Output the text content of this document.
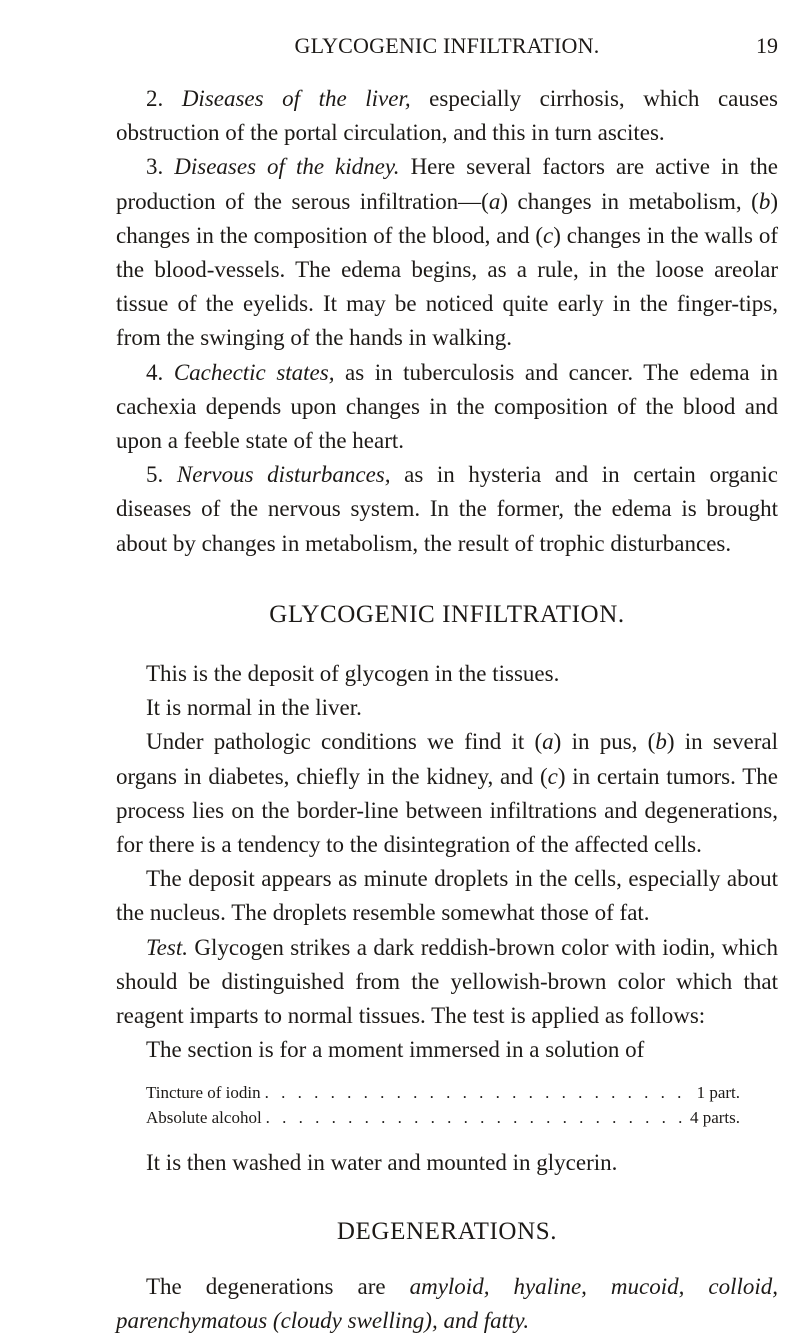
GLYCOGENIC INFILTRATION.	19

2. Diseases of the liver, especially cirrhosis, which causes obstruction of the portal circulation, and this in turn ascites.

3. Diseases of the kidney. Here several factors are active in the production of the serous infiltration—(a) changes in metabolism, (b) changes in the composition of the blood, and (c) changes in the walls of the blood-vessels. The edema begins, as a rule, in the loose areolar tissue of the eyelids. It may be noticed quite early in the finger-tips, from the swinging of the hands in walking.

4. Cachectic states, as in tuberculosis and cancer. The edema in cachexia depends upon changes in the composition of the blood and upon a feeble state of the heart.

5. Nervous disturbances, as in hysteria and in certain organic diseases of the nervous system. In the former, the edema is brought about by changes in metabolism, the result of trophic disturbances.

GLYCOGENIC INFILTRATION.

This is the deposit of glycogen in the tissues.

It is normal in the liver.

Under pathologic conditions we find it (a) in pus, (b) in several organs in diabetes, chiefly in the kidney, and (c) in certain tumors. The process lies on the border-line between infiltrations and degenerations, for there is a tendency to the disintegration of the affected cells.

The deposit appears as minute droplets in the cells, especially about the nucleus. The droplets resemble somewhat those of fat.

Test. Glycogen strikes a dark reddish-brown color with iodin, which should be distinguished from the yellowish-brown color which that reagent imparts to normal tissues. The test is applied as follows:

The section is for a moment immersed in a solution of

Tincture of iodin . . .	1 part.
Absolute alcohol . . .	4 parts.

It is then washed in water and mounted in glycerin.

DEGENERATIONS.

The degenerations are amyloid, hyaline, mucoid, colloid, parenchymatous (cloudy swelling), and fatty.
